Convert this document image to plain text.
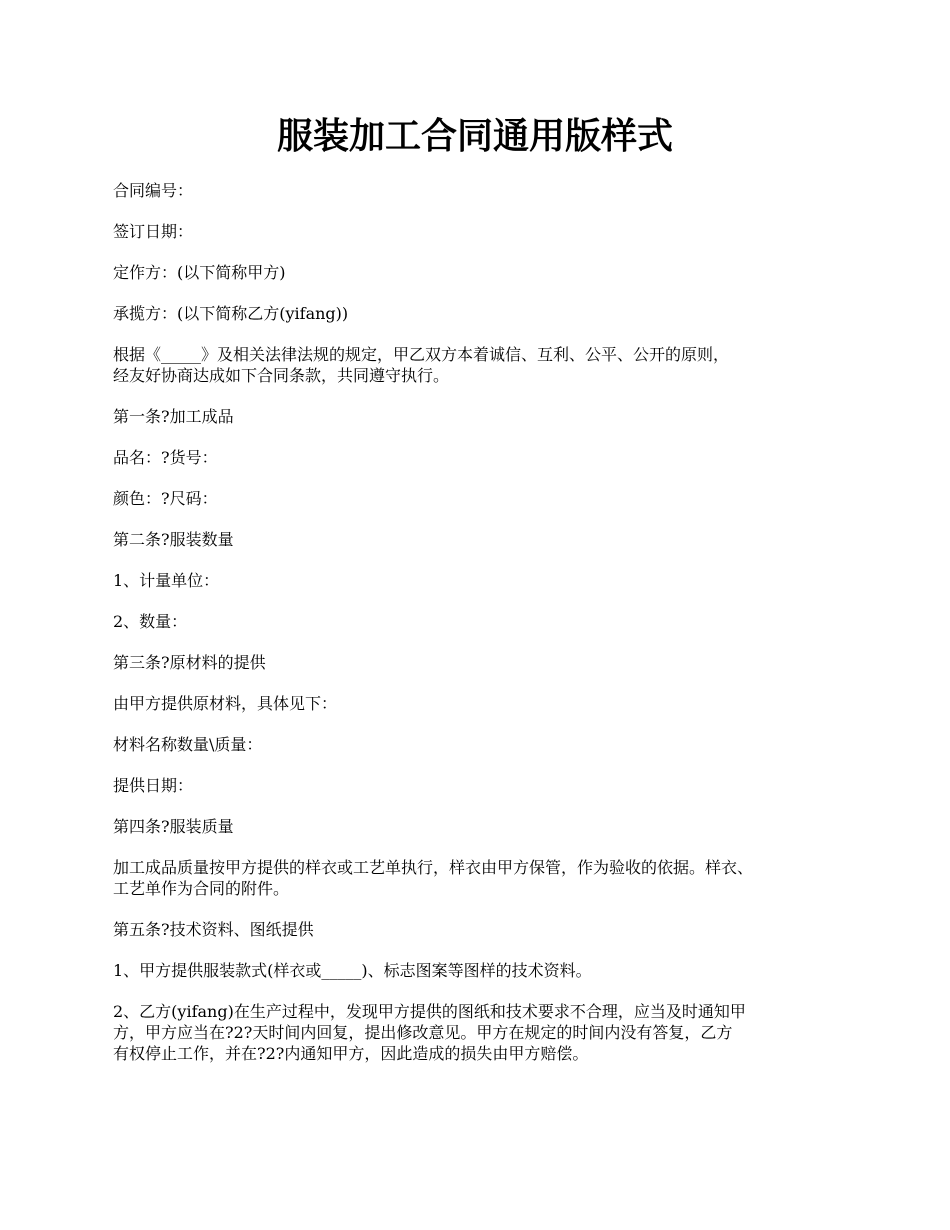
服装加工合同通用版样式
合同编号：
签订日期：
定作方：(以下简称甲方)
承揽方：(以下简称乙方(yifang))
根据《_____》及相关法律法规的规定，甲乙双方本着诚信、互利、公平、公开的原则，
经友好协商达成如下合同条款，共同遵守执行。
第一条?加工成品
品名：?货号：
颜色：?尺码：
第二条?服装数量
1、计量单位：
2、数量：
第三条?原材料的提供
由甲方提供原材料，具体见下：
材料名称数量\质量：
提供日期：
第四条?服装质量
加工成品质量按甲方提供的样衣或工艺单执行，样衣由甲方保管，作为验收的依据。样衣、
工艺单作为合同的附件。
第五条?技术资料、图纸提供
1、甲方提供服装款式(样衣或_____)、标志图案等图样的技术资料。
2、乙方(yifang)在生产过程中，发现甲方提供的图纸和技术要求不合理，应当及时通知甲
方，甲方应当在?2?天时间内回复，提出修改意见。甲方在规定的时间内没有答复，乙方
有权停止工作，并在?2?内通知甲方，因此造成的损失由甲方赔偿。
